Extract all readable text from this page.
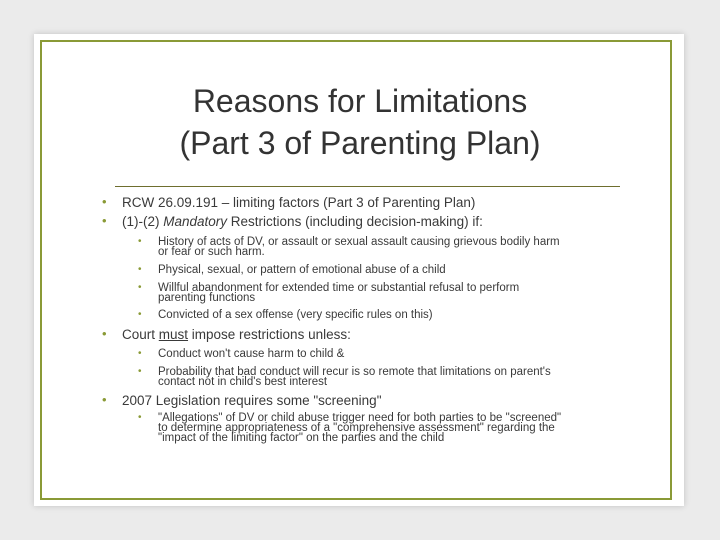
Reasons for Limitations
(Part 3 of Parenting Plan)
• RCW 26.09.191 – limiting factors (Part 3 of Parenting Plan)
• (1)-(2) Mandatory Restrictions (including decision-making) if:
• History of acts of DV, or assault or sexual assault causing grievous bodily harm
or fear or such harm.
• Physical, sexual, or pattern of emotional abuse of a child
• Willful abandonment for extended time or substantial refusal to perform
parenting functions
• Convicted of a sex offense (very specific rules on this)
• Court must impose restrictions unless:
• Conduct won't cause harm to child &
• Probability that bad conduct will recur is so remote that limitations on parent's
contact not in child's best interest
• 2007 Legislation requires some "screening"
• "Allegations" of DV or child abuse trigger need for both parties to be "screened"
to determine appropriateness of a "comprehensive assessment" regarding the
"impact of the limiting factor" on the parties and the child
